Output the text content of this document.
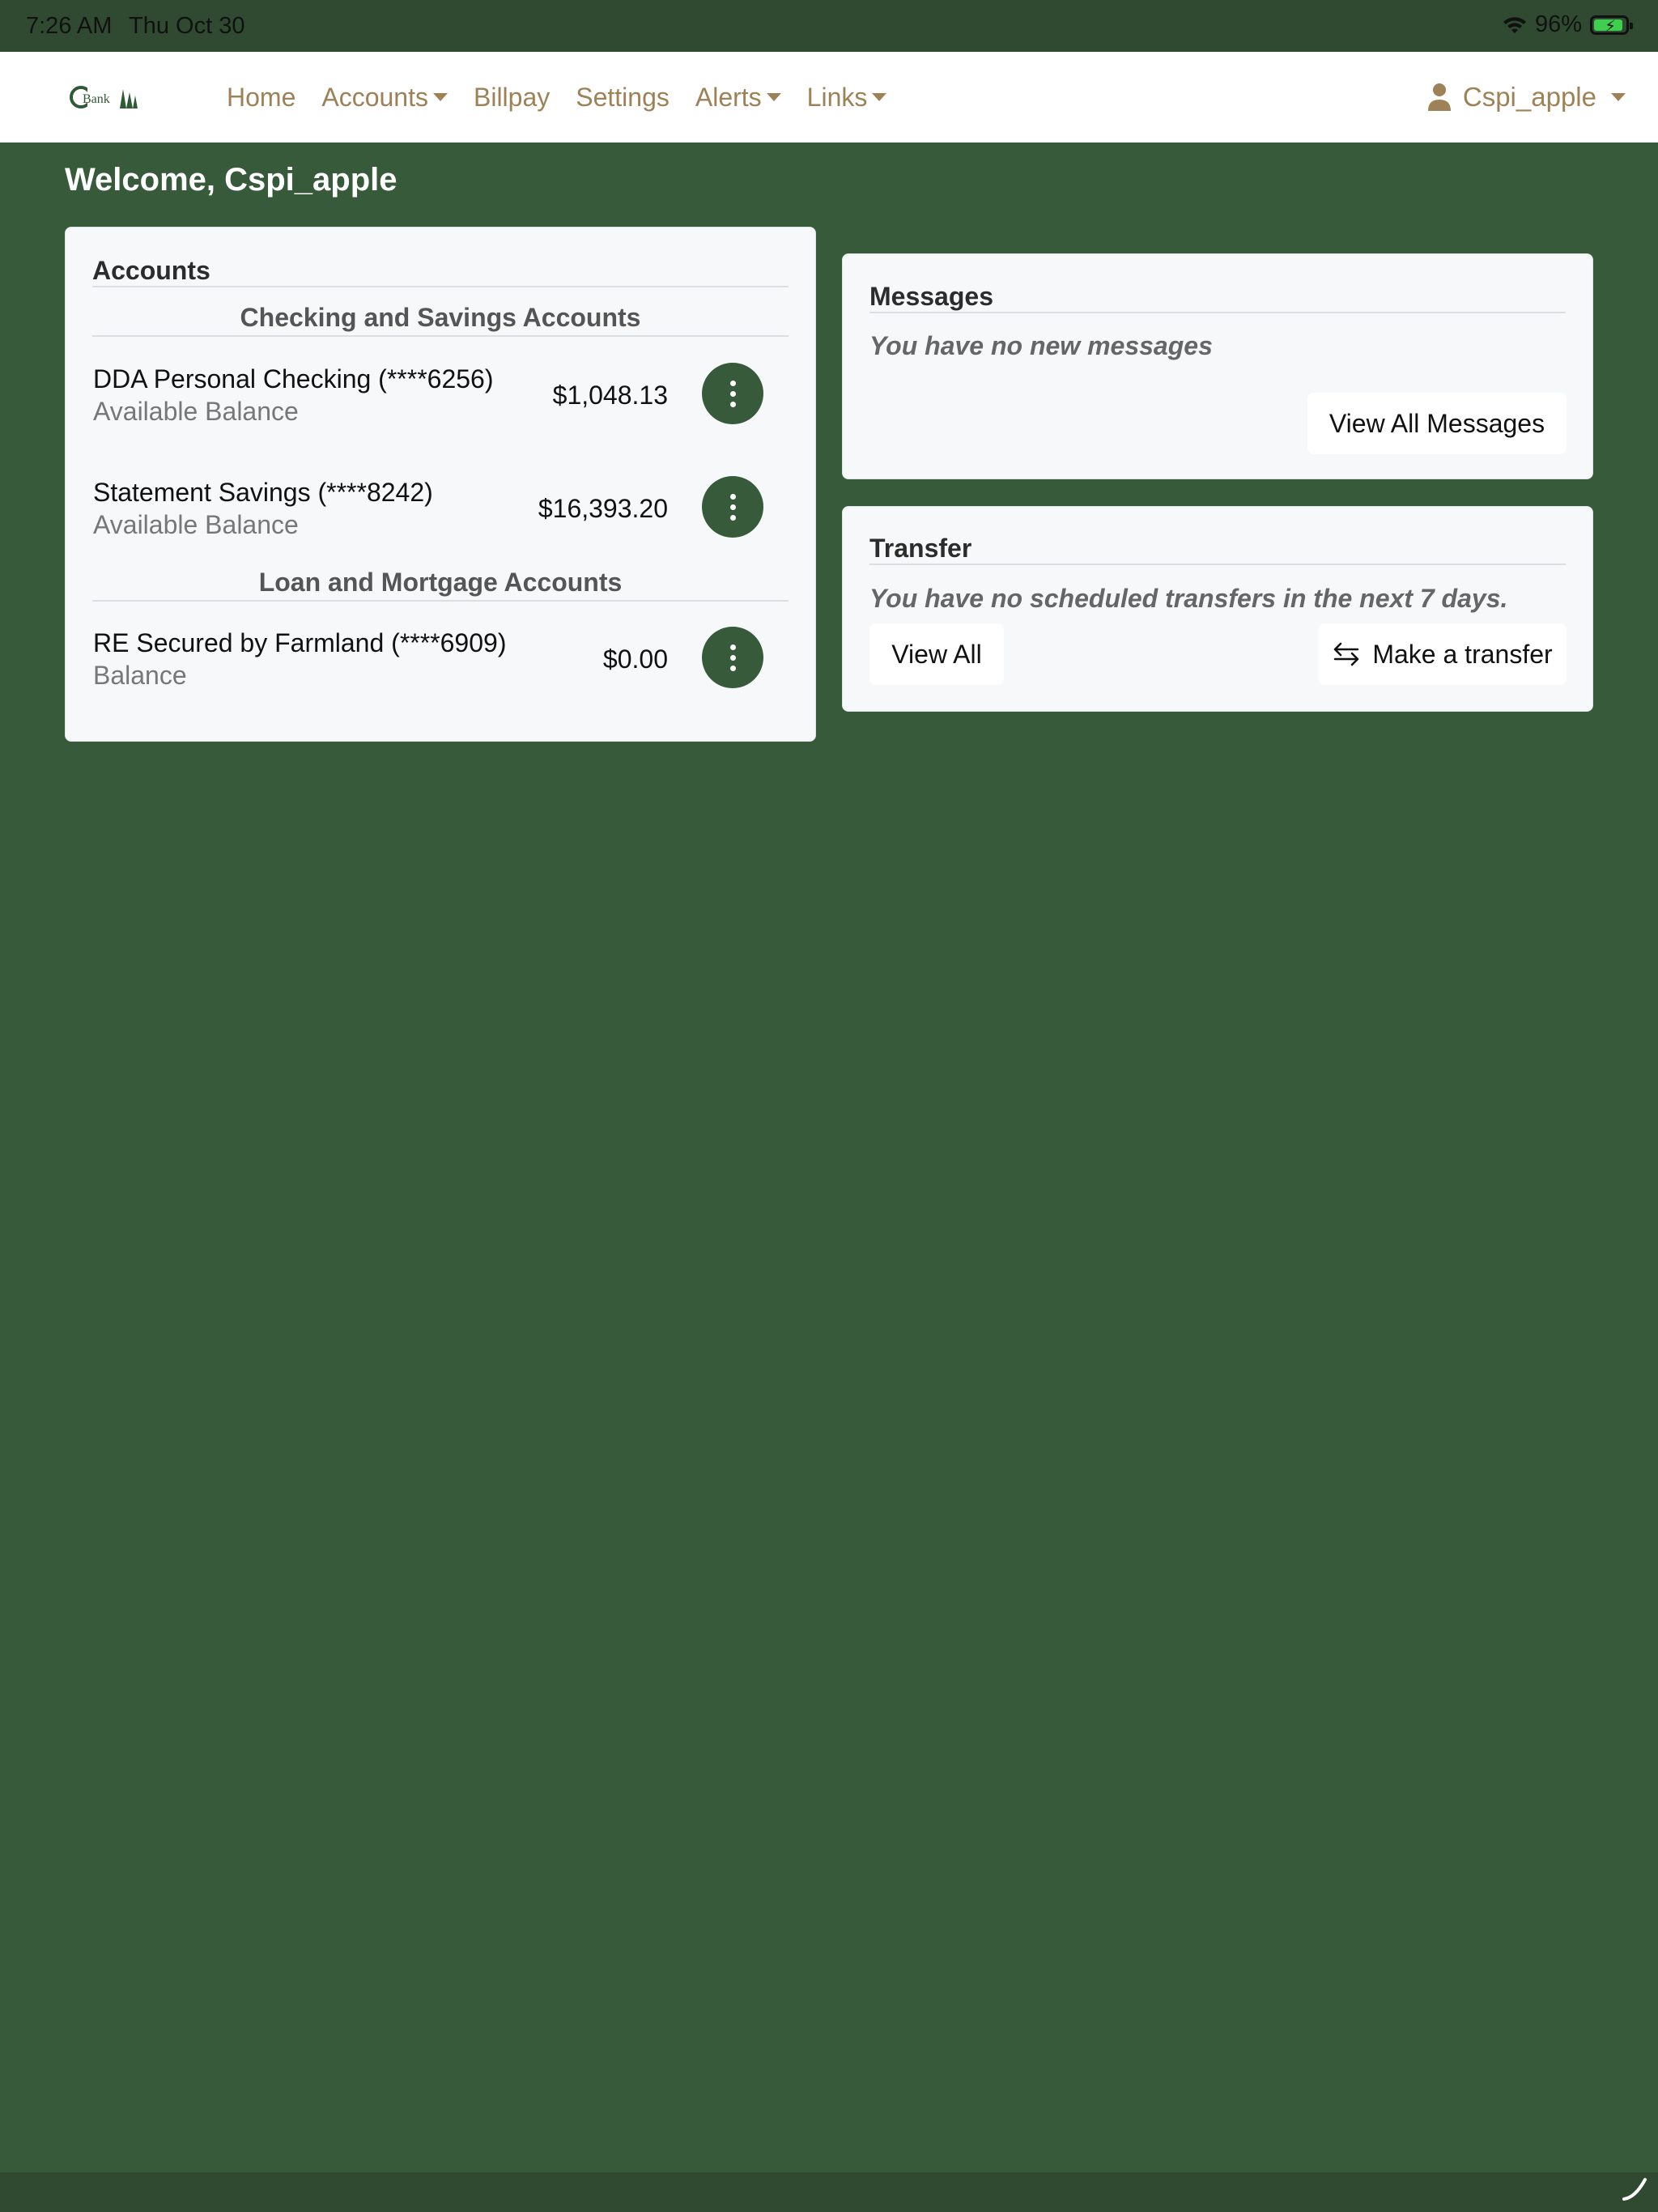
7:26 AM Thu Oct 30	96% ⚡
Bank	Home Accounts Billpay Settings Alerts Links	Cspi_apple
Welcome, Cspi_apple
Accounts
Checking and Savings Accounts
DDA Personal Checking (****6256)
Available Balance
$1,048.13
Statement Savings (****8242)
Available Balance
$16,393.20
Loan and Mortgage Accounts
RE Secured by Farmland (****6909)
Balance
$0.00
Messages
You have no new messages
View All Messages
Transfer
You have no scheduled transfers in the next 7 days.
View All	Make a transfer
